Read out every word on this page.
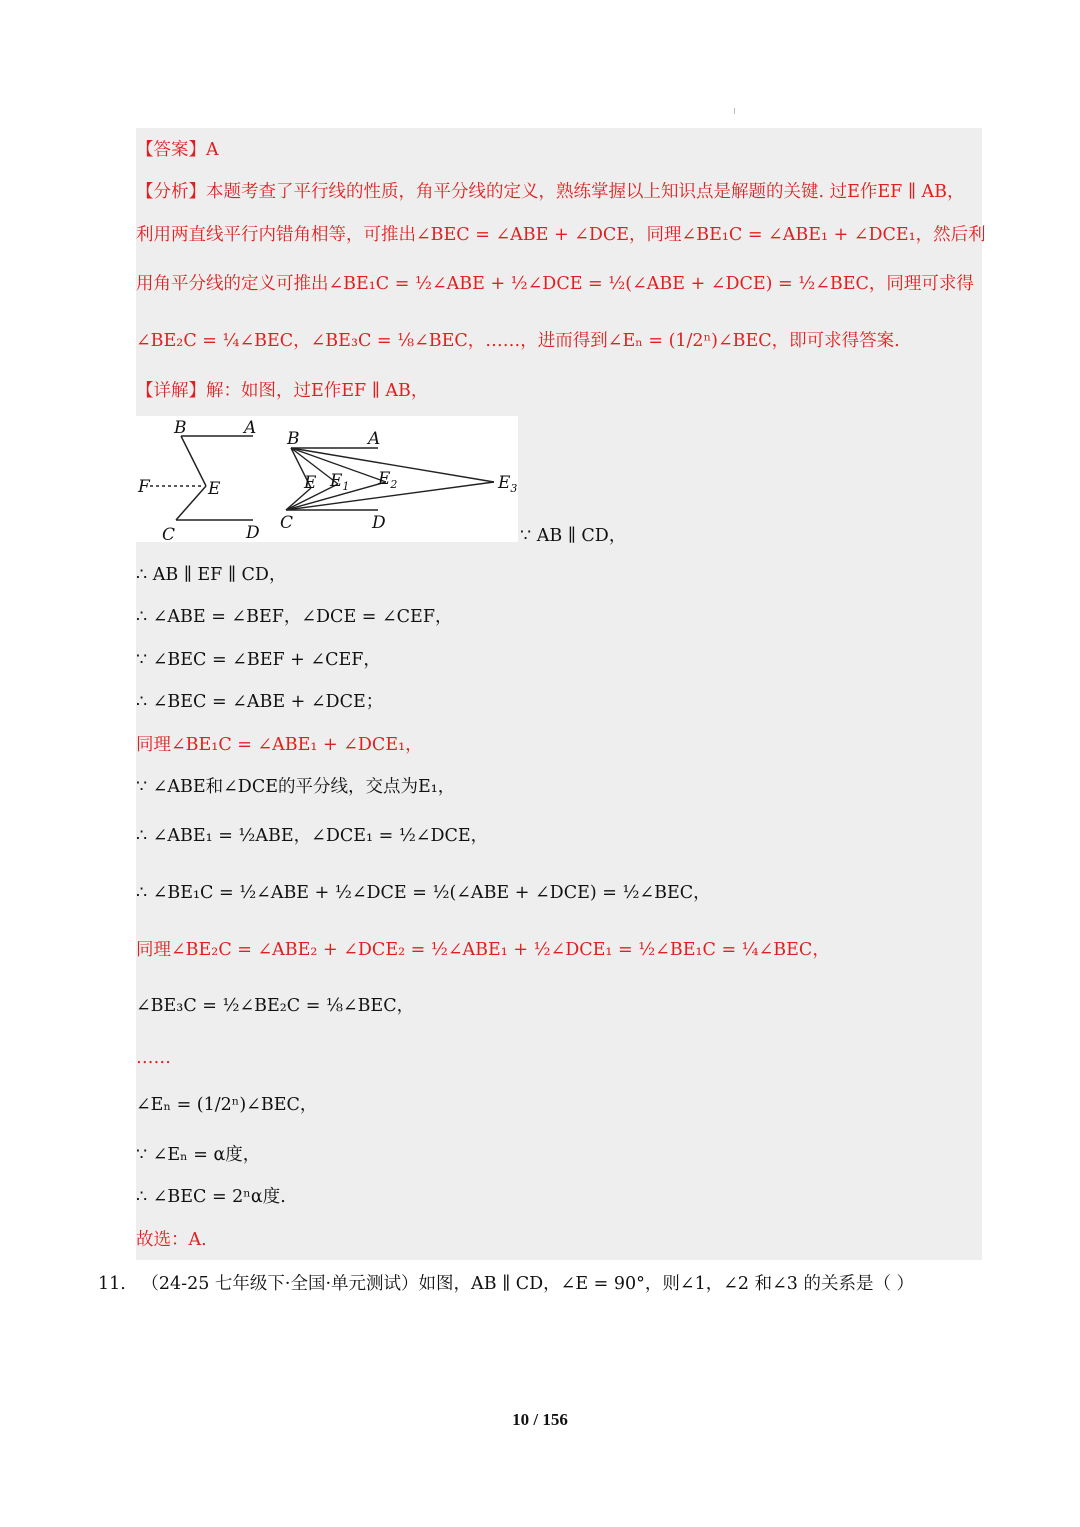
【答案】A
【分析】本题考查了平行线的性质，角平分线的定义，熟练掌握以上知识点是解题的关键. 过E作EF ∥ AB，
利用两直线平行内错角相等，可推出∠BEC = ∠ABE + ∠DCE，同理∠BE₁C = ∠ABE₁ + ∠DCE₁，然后利
用角平分线的定义可推出∠BE₁C = ½∠ABE + ½∠DCE = ½(∠ABE + ∠DCE) = ½∠BEC，同理可求得
∠BE₂C = ¼∠BEC，∠BE₃C = ⅛∠BEC，……，进而得到∠Eₙ = (1/2ⁿ)∠BEC，即可求得答案.
【详解】解：如图，过E作EF ∥ AB，
B	A
F	E
C	D
B	A
E $E_1$ $E_2$	$E_3$
C	D
∵ AB ∥ CD，
∴ AB ∥ EF ∥ CD，
∴ ∠ABE = ∠BEF，∠DCE = ∠CEF，
∵ ∠BEC = ∠BEF + ∠CEF，
∴ ∠BEC = ∠ABE + ∠DCE；
同理∠BE₁C = ∠ABE₁ + ∠DCE₁，
∵ ∠ABE和∠DCE的平分线，交点为E₁，
∴ ∠ABE₁ = ½ABE，∠DCE₁ = ½∠DCE，
∴ ∠BE₁C = ½∠ABE + ½∠DCE = ½(∠ABE + ∠DCE) = ½∠BEC，
同理∠BE₂C = ∠ABE₂ + ∠DCE₂ = ½∠ABE₁ + ½∠DCE₁ = ½∠BE₁C = ¼∠BEC，
∠BE₃C = ½∠BE₂C = ⅛∠BEC，
……
∠Eₙ = (1/2ⁿ)∠BEC，
∵ ∠Eₙ = α度，
∴ ∠BEC = 2ⁿα度.
故选：A.
11. （24-25 七年级下·全国·单元测试）如图，AB ∥ CD，∠E = 90°，则∠1，∠2 和∠3 的关系是（ ）
10 / 156
